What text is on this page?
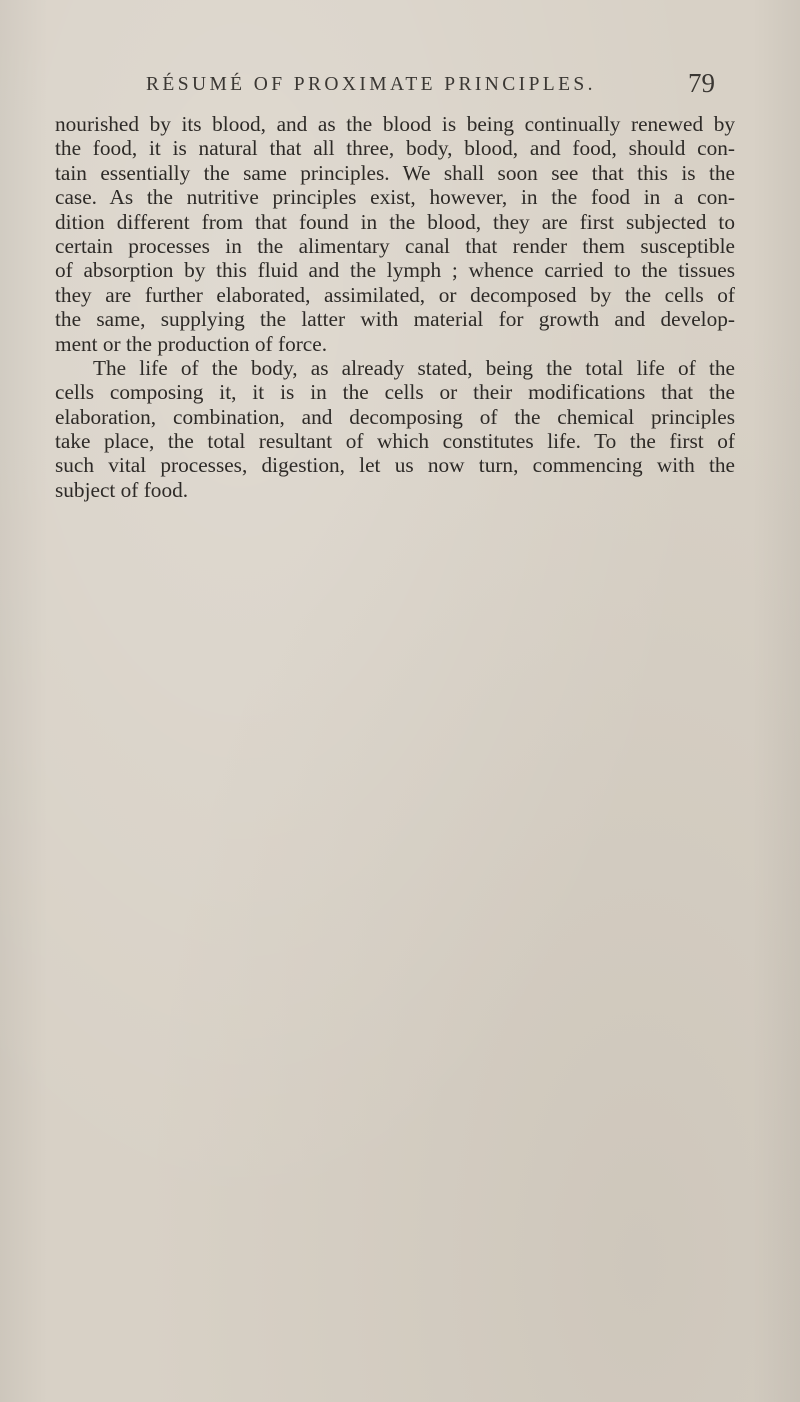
RÉSUMÉ OF PROXIMATE PRINCIPLES.	79
nourished by its blood, and as the blood is being continually renewed by
the food, it is natural that all three, body, blood, and food, should con-
tain essentially the same principles. We shall soon see that this is the
case. As the nutritive principles exist, however, in the food in a con-
dition different from that found in the blood, they are first subjected to
certain processes in the alimentary canal that render them susceptible
of absorption by this fluid and the lymph ; whence carried to the tissues
they are further elaborated, assimilated, or decomposed by the cells of
the same, supplying the latter with material for growth and develop-
ment or the production of force.
The life of the body, as already stated, being the total life of the
cells composing it, it is in the cells or their modifications that the
elaboration, combination, and decomposing of the chemical principles
take place, the total resultant of which constitutes life. To the first of
such vital processes, digestion, let us now turn, commencing with the
subject of food.
